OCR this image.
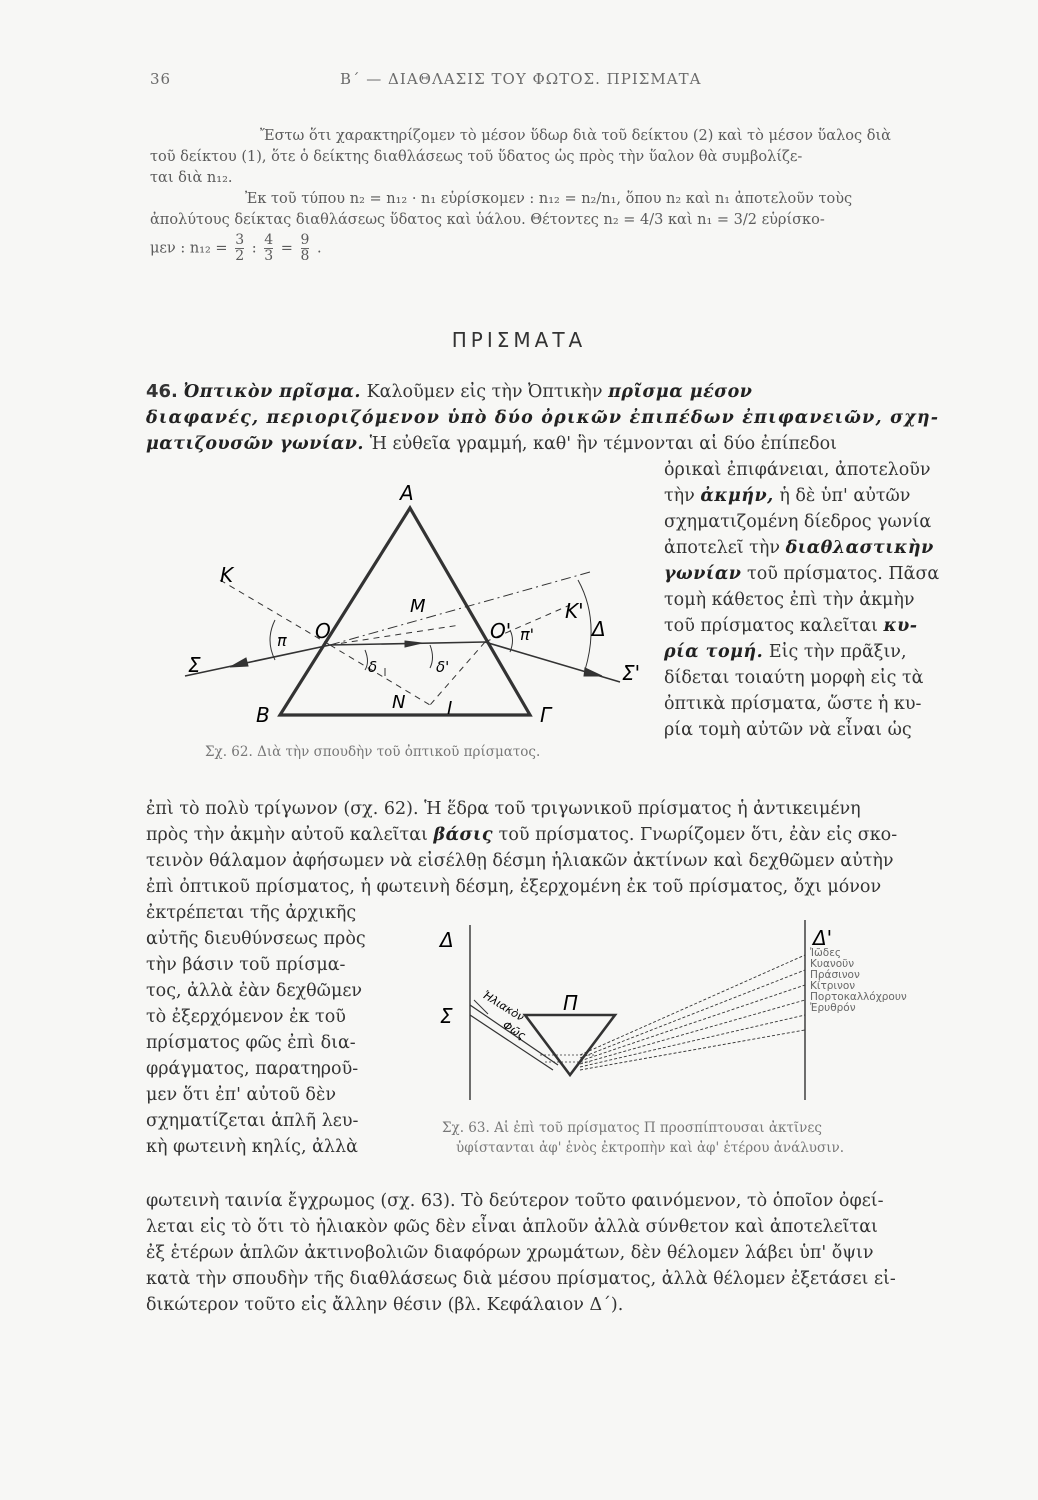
36	Β΄ — ΔΙΑΘΛΑΣΙΣ ΤΟΥ ΦΩΤΟΣ. ΠΡΙΣΜΑΤΑ
Ἔστω ὅτι χαρακτηρίζομεν τὸ μέσον ὕδωρ διὰ τοῦ δείκτου (2) καὶ τὸ μέσον ὕαλος διὰ
τοῦ δείκτου (1), ὅτε ὁ δείκτης διαθλάσεως τοῦ ὕδατος ὡς πρὸς τὴν ὕαλον θὰ συμβολίζε-
ται διὰ n₁₂.
Ἐκ τοῦ τύπου n₂ = n₁₂ · n₁ εὑρίσκομεν : n₁₂ = n₂/n₁, ὅπου n₂ καὶ n₁ ἀποτελοῦν τοὺς
ἀπολύτους δείκτας διαθλάσεως ὕδατος καὶ ὑάλου. Θέτοντες n₂ = 4/3 καὶ n₁ = 3/2 εὑρίσκο-
μεν : $n_{12} = \frac{3}{2}$ : $\frac{4}{3} = \frac{9}{8}$ .
ΠΡΙΣΜΑΤΑ
46. Ὀπτικὸν πρῖσμα. Καλοῦμεν εἰς τὴν Ὀπτικὴν πρῖσμα μέσον
διαφανές, περιοριζόμενον ὑπὸ δύο ὀρικῶν ἐπιπέδων ἐπιφανειῶν, σχη-
ματιζουσῶν γωνίαν. Ἡ εὐθεῖα γραμμή, καθ' ἣν τέμνονται αἱ δύο ἐπίπεδοι
ὀρικαὶ ἐπιφάνειαι, ἀποτελοῦν
τὴν ἀκμήν, ἡ δὲ ὑπ' αὐτῶν
σχηματιζομένη δίεδρος γωνία
ἀποτελεῖ τὴν διαθλαστικὴν
γωνίαν τοῦ πρίσματος. Πᾶσα
τομὴ κάθετος ἐπὶ τὴν ἀκμὴν
τοῦ πρίσματος καλεῖται κυ-
ρία τομή. Εἰς τὴν πρᾶξιν,
δίδεται τοιαύτη μορφὴ εἰς τὰ
ὀπτικὰ πρίσματα, ὥστε ἡ κυ-
ρία τομὴ αὐτῶν νὰ εἶναι ὡς
A
B	Γ
K
K'
O	O'
M
N I
Σ	Σ'
Δ
π	π'
δ	δ'
Σχ. 62. Διὰ τὴν σπουδὴν τοῦ ὀπτικοῦ πρίσματος.
ἐπὶ τὸ πολὺ τρίγωνον (σχ. 62). Ἡ ἕδρα τοῦ τριγωνικοῦ πρίσματος ἡ ἀντικειμένη
πρὸς τὴν ἀκμὴν αὐτοῦ καλεῖται βάσις τοῦ πρίσματος. Γνωρίζομεν ὅτι, ἐὰν εἰς σκο-
τεινὸν θάλαμον ἀφήσωμεν νὰ εἰσέλθῃ δέσμη ἡλιακῶν ἀκτίνων καὶ δεχθῶμεν αὐτὴν
ἐπὶ ὀπτικοῦ πρίσματος, ἡ φωτεινὴ δέσμη, ἐξερχομένη ἐκ τοῦ πρίσματος, ὄχι μόνον
ἐκτρέπεται τῆς ἀρχικῆς
αὐτῆς διευθύνσεως πρὸς
τὴν βάσιν τοῦ πρίσμα-
τος, ἀλλὰ ἐὰν δεχθῶμεν
τὸ ἐξερχόμενον ἐκ τοῦ
πρίσματος φῶς ἐπὶ δια-
φράγματος, παρατηροῦ-
μεν ὅτι ἐπ' αὐτοῦ δὲν
σχηματίζεται ἁπλῆ λευ-
κὴ φωτεινὴ κηλίς, ἀλλὰ
Δ	Δ'
Σ
Π
Ἡλιακὸν
Φῶς
Ἰῶδες
Κυανοῦν
Πράσινον
Κίτρινον
Πορτοκαλλόχρουν
Ἐρυθρόν
Σχ. 63. Αἱ ἐπὶ τοῦ πρίσματος Π προσπίπτουσαι ἀκτῖνες
ὑφίστανται ἀφ' ἑνὸς ἐκτροπὴν καὶ ἀφ' ἑτέρου ἀνάλυσιν.
φωτεινὴ ταινία ἔγχρωμος (σχ. 63). Τὸ δεύτερον τοῦτο φαινόμενον, τὸ ὁποῖον ὀφεί-
λεται εἰς τὸ ὅτι τὸ ἡλιακὸν φῶς δὲν εἶναι ἁπλοῦν ἀλλὰ σύνθετον καὶ ἀποτελεῖται
ἐξ ἑτέρων ἁπλῶν ἀκτινοβολιῶν διαφόρων χρωμάτων, δὲν θέλομεν λάβει ὑπ' ὄψιν
κατὰ τὴν σπουδὴν τῆς διαθλάσεως διὰ μέσου πρίσματος, ἀλλὰ θέλομεν ἐξετάσει εἰ-
δικώτερον τοῦτο εἰς ἄλλην θέσιν (βλ. Κεφάλαιον Δ΄).
